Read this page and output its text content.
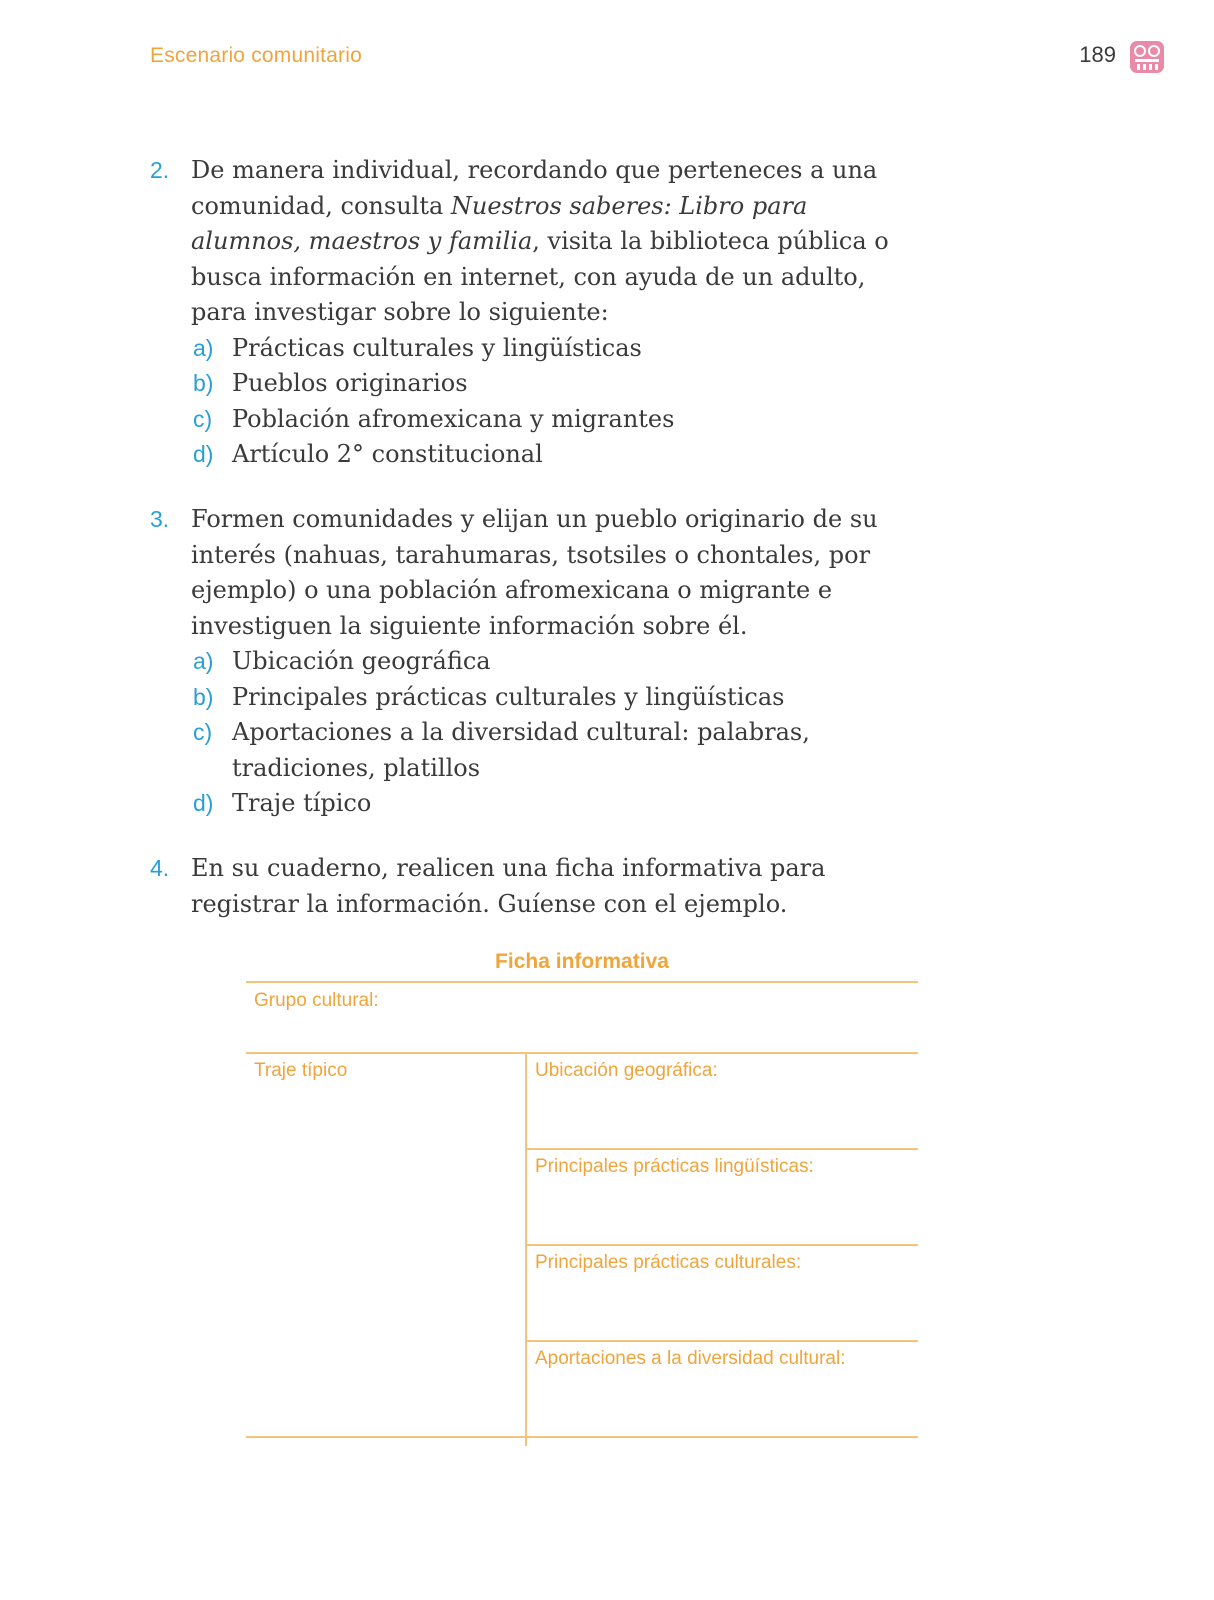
Escenario comunitario	189
2. De manera individual, recordando que perteneces a una comunidad, consulta Nuestros saberes: Libro para alumnos, maestros y familia, visita la biblioteca pública o busca información en internet, con ayuda de un adulto, para investigar sobre lo siguiente:
a) Prácticas culturales y lingüísticas
b) Pueblos originarios
c) Población afromexicana y migrantes
d) Artículo 2° constitucional
3. Formen comunidades y elijan un pueblo originario de su interés (nahuas, tarahumaras, tsotsiles o chontales, por ejemplo) o una población afromexicana o migrante e investiguen la siguiente información sobre él.
a) Ubicación geográfica
b) Principales prácticas culturales y lingüísticas
c) Aportaciones a la diversidad cultural: palabras, tradiciones, platillos
d) Traje típico
4. En su cuaderno, realicen una ficha informativa para registrar la información. Guíense con el ejemplo.
Ficha informativa
Grupo cultural:
Traje típico	Ubicación geográfica:
Principales prácticas lingüísticas:
Principales prácticas culturales:
Aportaciones a la diversidad cultural:
